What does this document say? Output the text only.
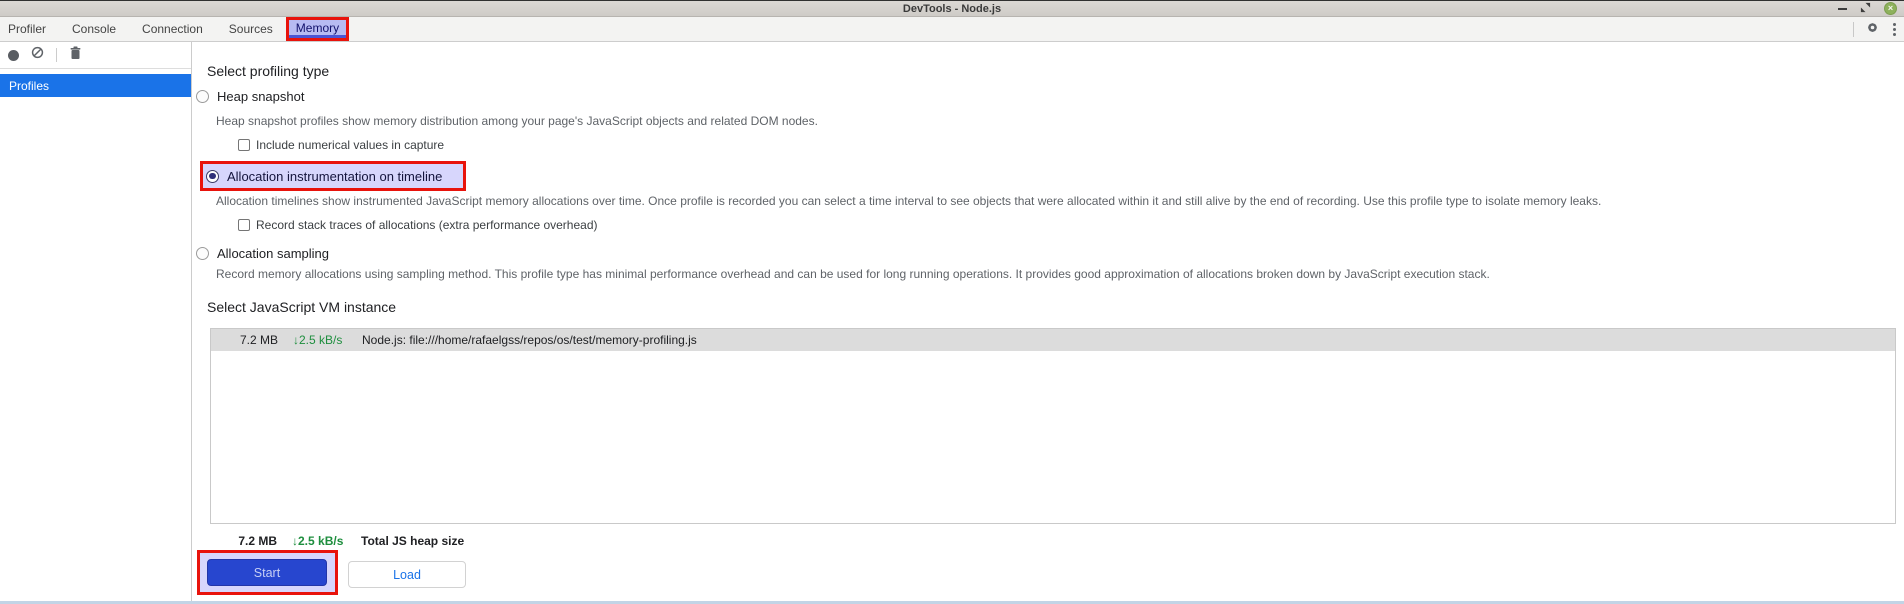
DevTools - Node.js	×
Profiler	Console	Connection	Sources	Memory
Profiles
Select profiling type
Heap snapshot
Heap snapshot profiles show memory distribution among your page's JavaScript objects and related DOM nodes.
Include numerical values in capture
Allocation instrumentation on timeline
Allocation timelines show instrumented JavaScript memory allocations over time. Once profile is recorded you can select a time interval to see objects that were allocated within it and still alive by the end of recording. Use this profile type to isolate memory leaks.
Record stack traces of allocations (extra performance overhead)
Allocation sampling
Record memory allocations using sampling method. This profile type has minimal performance overhead and can be used for long running operations. It provides good approximation of allocations broken down by JavaScript execution stack.
Select JavaScript VM instance
7.2 MB ↓2.5 kB/s	Node.js: file:///home/rafaelgss/repos/os/test/memory-profiling.js
7.2 MB ↓2.5 kB/s	Total JS heap size
Start	Load
